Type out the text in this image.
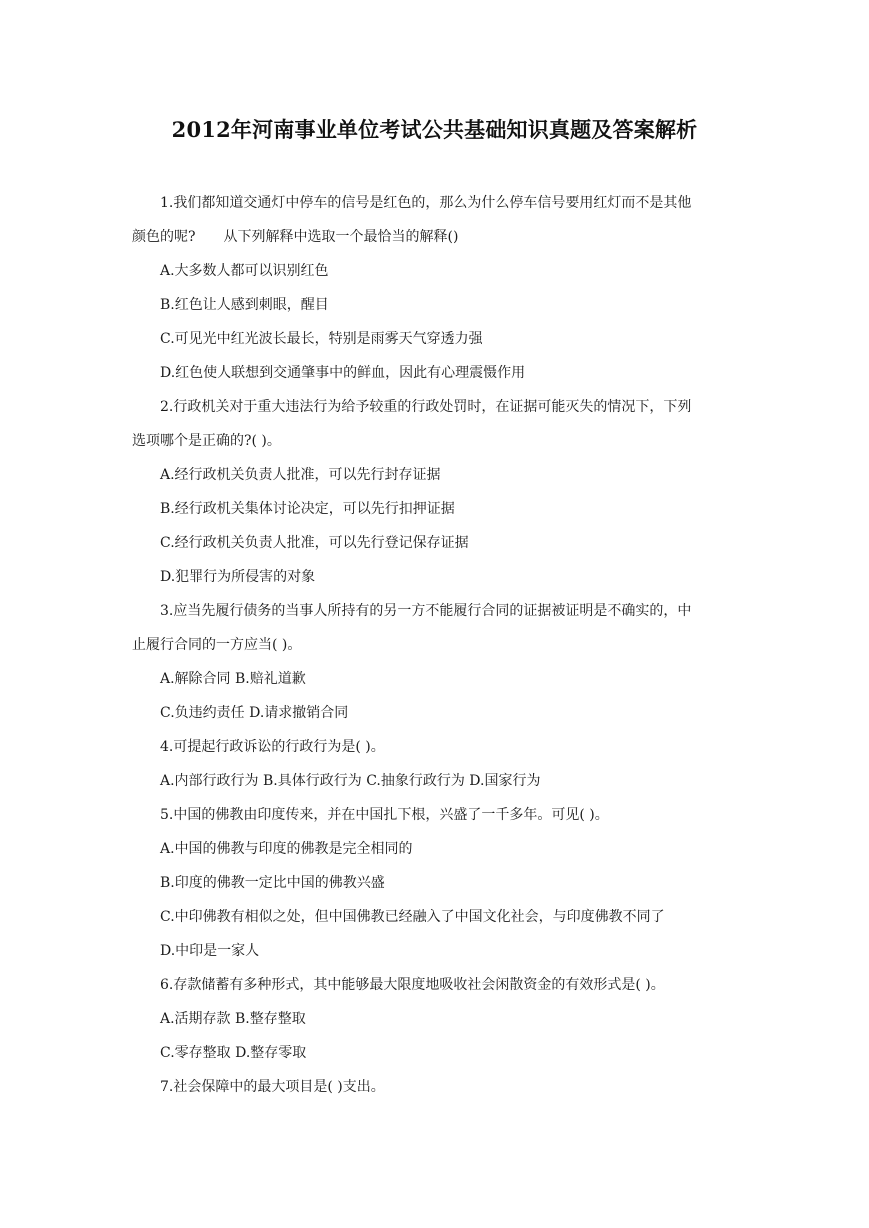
2012年河南事业单位考试公共基础知识真题及答案解析
1.我们都知道交通灯中停车的信号是红色的，那么为什么停车信号要用红灯而不是其他
颜色的呢?　　从下列解释中选取一个最恰当的解释()
A.大多数人都可以识别红色
B.红色让人感到刺眼，醒目
C.可见光中红光波长最长，特别是雨雾天气穿透力强
D.红色使人联想到交通肇事中的鲜血，因此有心理震慑作用
2.行政机关对于重大违法行为给予较重的行政处罚时，在证据可能灭失的情况下，下列
选项哪个是正确的?( )。
A.经行政机关负责人批准，可以先行封存证据
B.经行政机关集体讨论决定，可以先行扣押证据
C.经行政机关负责人批准，可以先行登记保存证据
D.犯罪行为所侵害的对象
3.应当先履行债务的当事人所持有的另一方不能履行合同的证据被证明是不确实的，中
止履行合同的一方应当( )。
A.解除合同 B.赔礼道歉
C.负违约责任 D.请求撤销合同
4.可提起行政诉讼的行政行为是( )。
A.内部行政行为 B.具体行政行为 C.抽象行政行为 D.国家行为
5.中国的佛教由印度传来，并在中国扎下根，兴盛了一千多年。可见( )。
A.中国的佛教与印度的佛教是完全相同的
B.印度的佛教一定比中国的佛教兴盛
C.中印佛教有相似之处，但中国佛教已经融入了中国文化社会，与印度佛教不同了
D.中印是一家人
6.存款储蓄有多种形式，其中能够最大限度地吸收社会闲散资金的有效形式是( )。
A.活期存款 B.整存整取
C.零存整取 D.整存零取
7.社会保障中的最大项目是( )支出。
